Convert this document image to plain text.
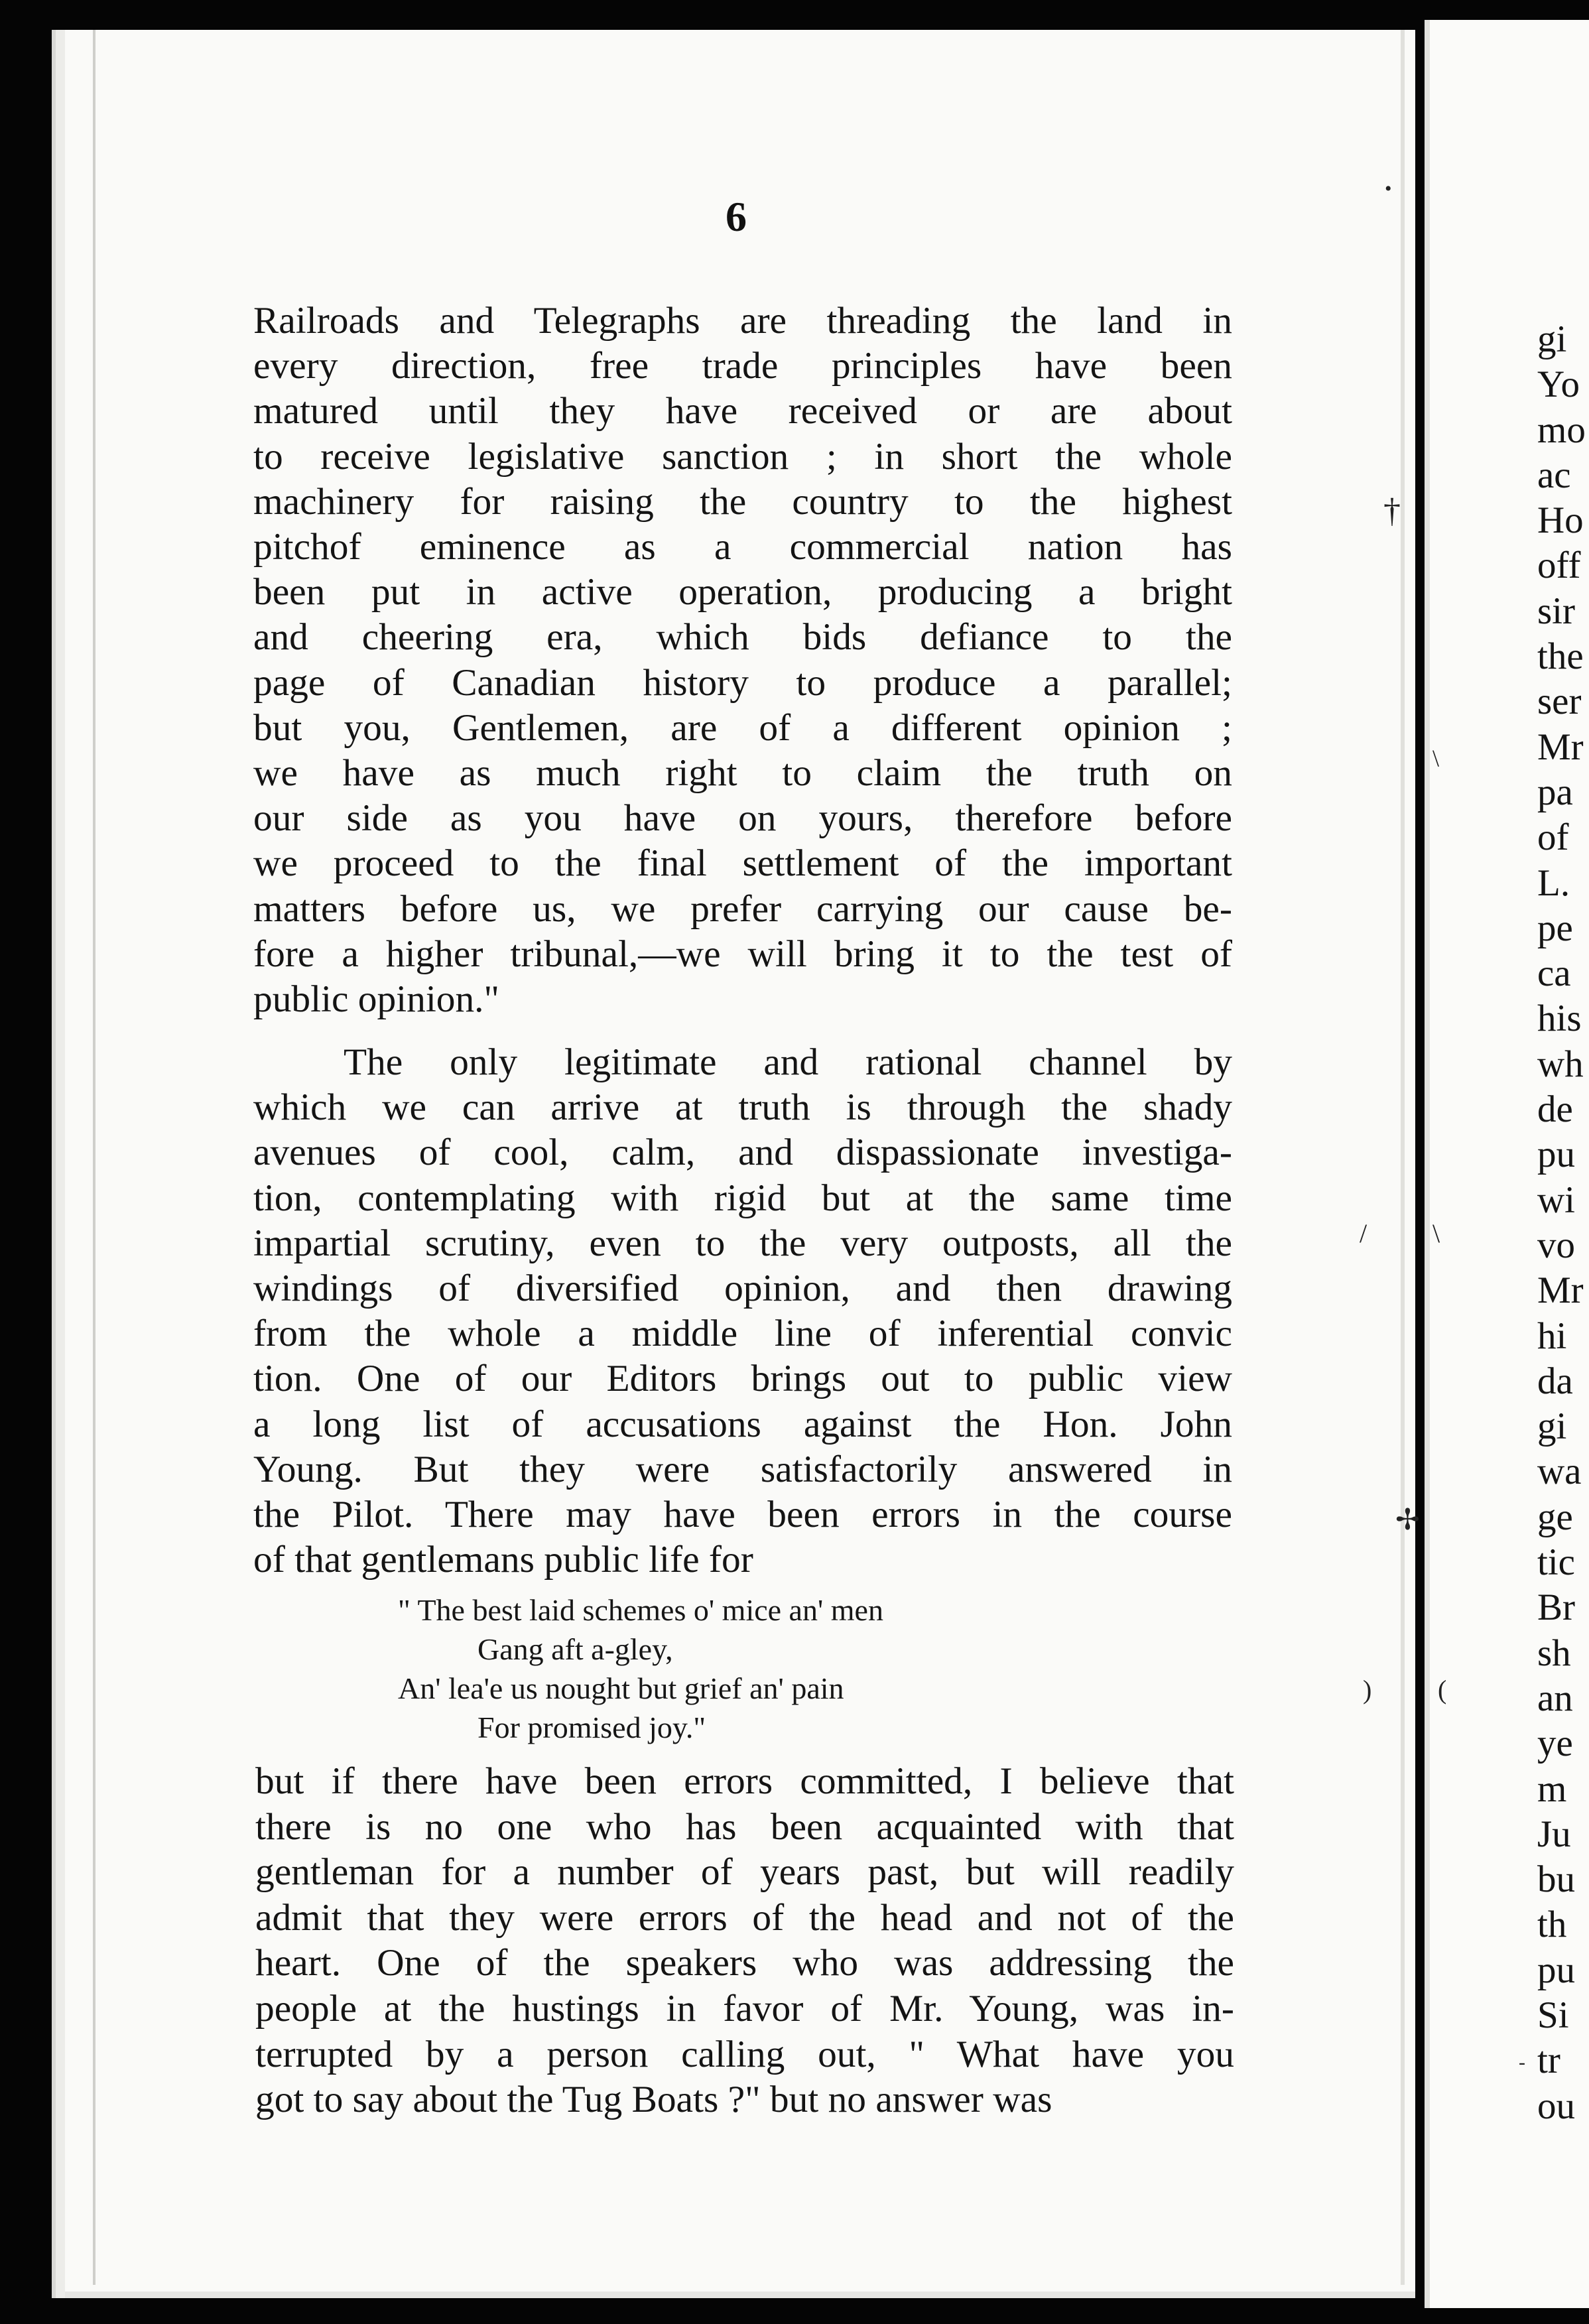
6
Railroads and Telegraphs are threading the land in
every direction, free trade principles have been
matured until they have received or are about
to receive legislative sanction ; in short the whole
machinery for raising the country to the highest
pitchof eminence as a commercial nation has
been put in active operation, producing a bright
and cheering era, which bids defiance to the
page of Canadian history to produce a parallel;
but you, Gentlemen, are of a different opinion ;
we have as much right to claim the truth on
our side as you have on yours, therefore before
we proceed to the final settlement of the important
matters before us, we prefer carrying our cause be-
fore a higher tribunal,—we will bring it to the test of
public opinion."
The only legitimate and rational channel by
which we can arrive at truth is through the shady
avenues of cool, calm, and dispassionate investiga-
tion, contemplating with rigid but at the same time
impartial scrutiny, even to the very outposts, all the
windings of diversified opinion, and then drawing
from the whole a middle line of inferential convic
tion. One of our Editors brings out to public view
a long list of accusations against the Hon. John
Young. But they were satisfactorily answered in
the Pilot. There may have been errors in the course
of that gentlemans public life for
" The best laid schemes o' mice an' men
Gang aft a-gley,
An' lea'e us nought but grief an' pain
For promised joy."
but if there have been errors committed, I believe that
there is no one who has been acquainted with that
gentleman for a number of years past, but will readily
admit that they were errors of the head and not of the
heart. One of the speakers who was addressing the
people at the hustings in favor of Mr. Young, was in-
terrupted by a person calling out, " What have you
got to say about the Tug Boats ?" but no answer was
gi
Yo
mo
ac
Ho
off
sir
the
ser
Mr
pa
of
L.
pe
ca
his
wh
de
pu
wi
vo
Mr
hi
da
gi
wa
ge
tic
Br
sh
an
ye
m
Ju
bu
th
pu
Si
tr
ou
•
†
\
/ \
✢
) (
-
